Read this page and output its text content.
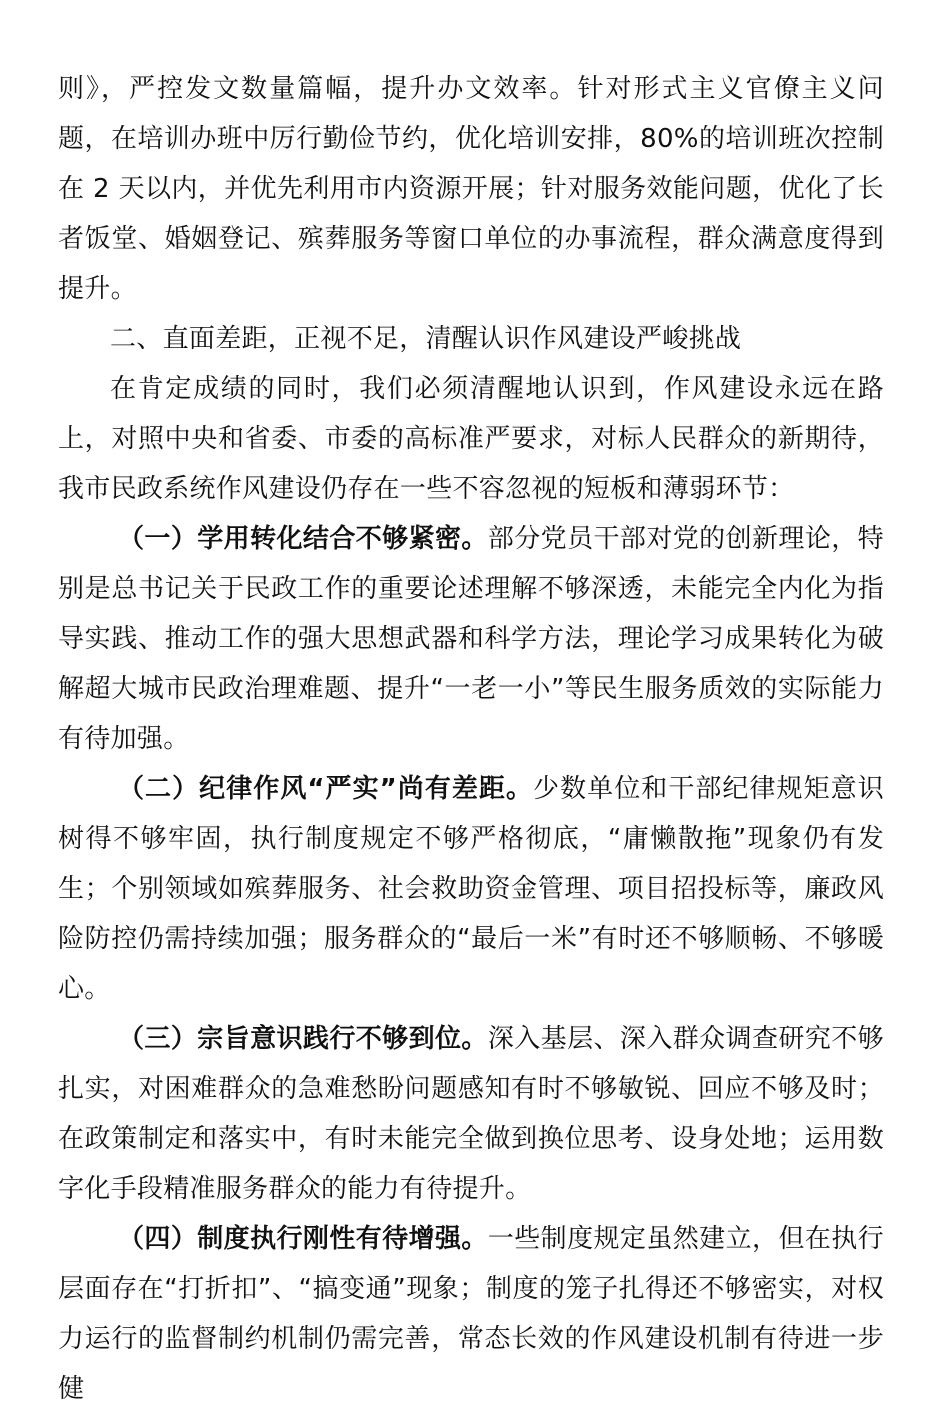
则》，严控发文数量篇幅，提升办文效率。针对形式主义官僚主义问题，在培训办班中厉行勤俭节约，优化培训安排，80%的培训班次控制在 2 天以内，并优先利用市内资源开展；针对服务效能问题，优化了长者饭堂、婚姻登记、殡葬服务等窗口单位的办事流程，群众满意度得到提升。

二、直面差距，正视不足，清醒认识作风建设严峻挑战

在肯定成绩的同时，我们必须清醒地认识到，作风建设永远在路上，对照中央和省委、市委的高标准严要求，对标人民群众的新期待，我市民政系统作风建设仍存在一些不容忽视的短板和薄弱环节：

（一）学用转化结合不够紧密。部分党员干部对党的创新理论，特别是总书记关于民政工作的重要论述理解不够深透，未能完全内化为指导实践、推动工作的强大思想武器和科学方法，理论学习成果转化为破解超大城市民政治理难题、提升“一老一小”等民生服务质效的实际能力有待加强。

（二）纪律作风“严实”尚有差距。少数单位和干部纪律规矩意识树得不够牢固，执行制度规定不够严格彻底，“庸懒散拖”现象仍有发生；个别领域如殡葬服务、社会救助资金管理、项目招投标等，廉政风险防控仍需持续加强；服务群众的“最后一米”有时还不够顺畅、不够暖心。

（三）宗旨意识践行不够到位。深入基层、深入群众调查研究不够扎实，对困难群众的急难愁盼问题感知有时不够敏锐、回应不够及时；在政策制定和落实中，有时未能完全做到换位思考、设身处地；运用数字化手段精准服务群众的能力有待提升。

（四）制度执行刚性有待增强。一些制度规定虽然建立，但在执行层面存在“打折扣”、“搞变通”现象；制度的笼子扎得还不够密实，对权力运行的监督制约机制仍需完善，常态长效的作风建设机制有待进一步健
